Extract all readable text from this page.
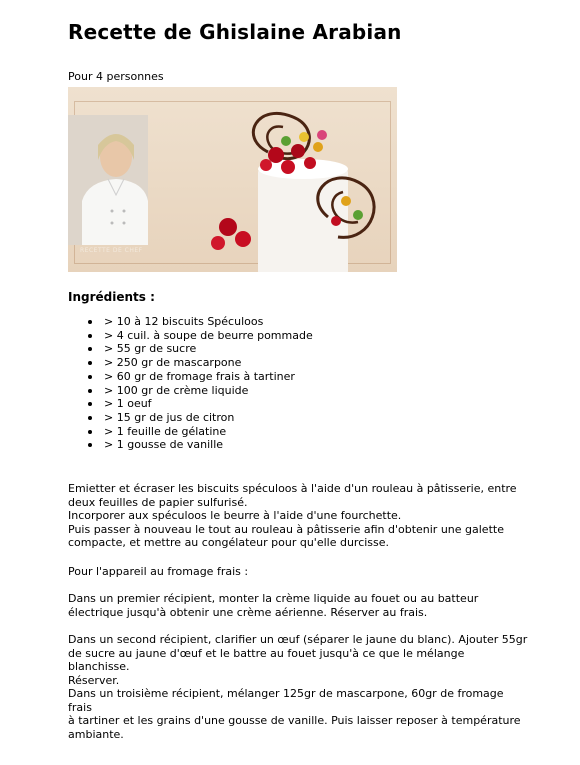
Recette de Ghislaine Arabian
Pour 4 personnes
RECETTE DE CHEF
Ingrédients :
> 10 à 12 biscuits Spéculoos
> 4 cuil. à soupe de beurre pommade
> 55 gr de sucre
> 250 gr de mascarpone
> 60 gr de fromage frais à tartiner
> 100 gr de crème liquide
> 1 oeuf
> 15 gr de jus de citron
> 1 feuille de gélatine
> 1 gousse de vanille
Emietter et écraser les biscuits spéculoos à l'aide d'un rouleau à pâtisserie, entre
deux feuilles de papier sulfurisé.
Incorporer aux spéculoos le beurre à l'aide d'une fourchette.
Puis passer à nouveau le tout au rouleau à pâtisserie afin d'obtenir une galette
compacte, et mettre au congélateur pour qu'elle durcisse.
Pour l'appareil au fromage frais :
Dans un premier récipient, monter la crème liquide au fouet ou au batteur
électrique jusqu'à obtenir une crème aérienne. Réserver au frais.
Dans un second récipient, clarifier un œuf (séparer le jaune du blanc). Ajouter 55gr
de sucre au jaune d'œuf et le battre au fouet jusqu'à ce que le mélange blanchisse.
Réserver.
Dans un troisième récipient, mélanger 125gr de mascarpone, 60gr de fromage frais
à tartiner et les grains d'une gousse de vanille. Puis laisser reposer à température
ambiante.
